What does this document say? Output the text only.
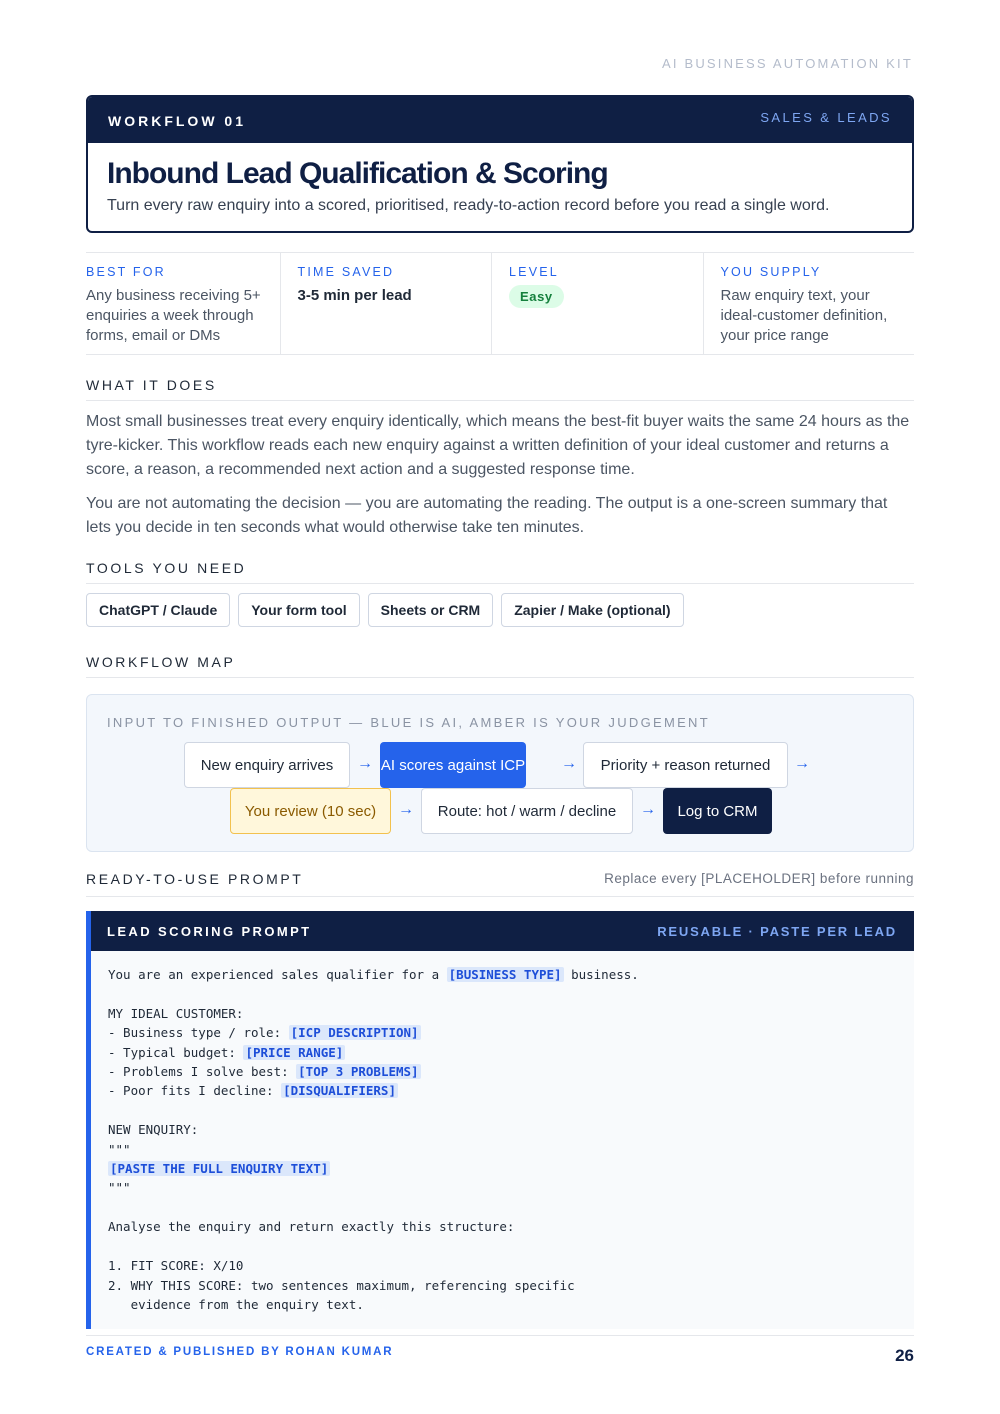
AI BUSINESS AUTOMATION KIT
WORKFLOW 01	SALES & LEADS
Inbound Lead Qualification & Scoring
Turn every raw enquiry into a scored, prioritised, ready-to-action record before you read a single word.
BEST FOR
Any business receiving 5+ enquiries a week through forms, email or DMs
TIME SAVED
3-5 min per lead
LEVEL
Easy
YOU SUPPLY
Raw enquiry text, your ideal-customer definition, your price range
WHAT IT DOES
Most small businesses treat every enquiry identically, which means the best-fit buyer waits the same 24 hours as the tyre-kicker. This workflow reads each new enquiry against a written definition of your ideal customer and returns a score, a reason, a recommended next action and a suggested response time.
You are not automating the decision — you are automating the reading. The output is a one-screen summary that lets you decide in ten seconds what would otherwise take ten minutes.
TOOLS YOU NEED
ChatGPT / Claude	Your form tool	Sheets or CRM	Zapier / Make (optional)
WORKFLOW MAP
INPUT TO FINISHED OUTPUT — BLUE IS AI, AMBER IS YOUR JUDGEMENT
New enquiry arrives	→ AI scores against ICP →	Priority + reason returned	→
You review (10 sec)	→	Route: hot / warm / decline	→	Log to CRM
READY-TO-USE PROMPT	Replace every [PLACEHOLDER] before running
LEAD SCORING PROMPT	REUSABLE · PASTE PER LEAD
You are an experienced sales qualifier for a [BUSINESS TYPE] business.

MY IDEAL CUSTOMER:
- Business type / role: [ICP DESCRIPTION]
- Typical budget: [PRICE RANGE]
- Problems I solve best: [TOP 3 PROBLEMS]
- Poor fits I decline: [DISQUALIFIERS]

NEW ENQUIRY:
"""
[PASTE THE FULL ENQUIRY TEXT]
"""

Analyse the enquiry and return exactly this structure:

1. FIT SCORE: X/10
2. WHY THIS SCORE: two sentences maximum, referencing specific
evidence from the enquiry text.
CREATED & PUBLISHED BY ROHAN KUMAR	26
